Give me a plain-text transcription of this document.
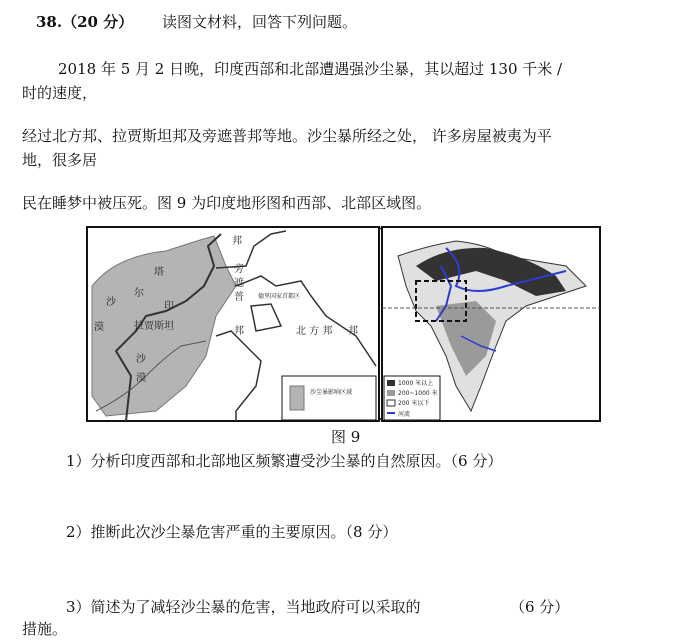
38.（20 分） 读图文材料，回答下列问题。
2018 年 5 月 2 日晚，印度西部和北部遭遇强沙尘暴，其以超过 130 千米 /
时的速度，
经过北方邦、拉贾斯坦邦及旁遮普邦等地。沙尘暴所经之处， 许多房屋被夷为平
地，很多居
民在睡梦中被压死。图 9 为印度地形图和西部、北部区域图。
塔
尔
沙	印
漠	拉贾斯坦
沙
漠
邦
旁
遮
普
邦
德里国家首都区
北 方 邦 邦
沙尘暴影响区域
1000 米以上
200~1000 米
200 米以下
河流
图 9
1）分析印度西部和北部地区频繁遭受沙尘暴的自然原因。（6 分）
2）推断此次沙尘暴危害严重的主要原因。（8 分）
3）简述为了减轻沙尘暴的危害，当地政府可以采取的	（6 分）
措施。
